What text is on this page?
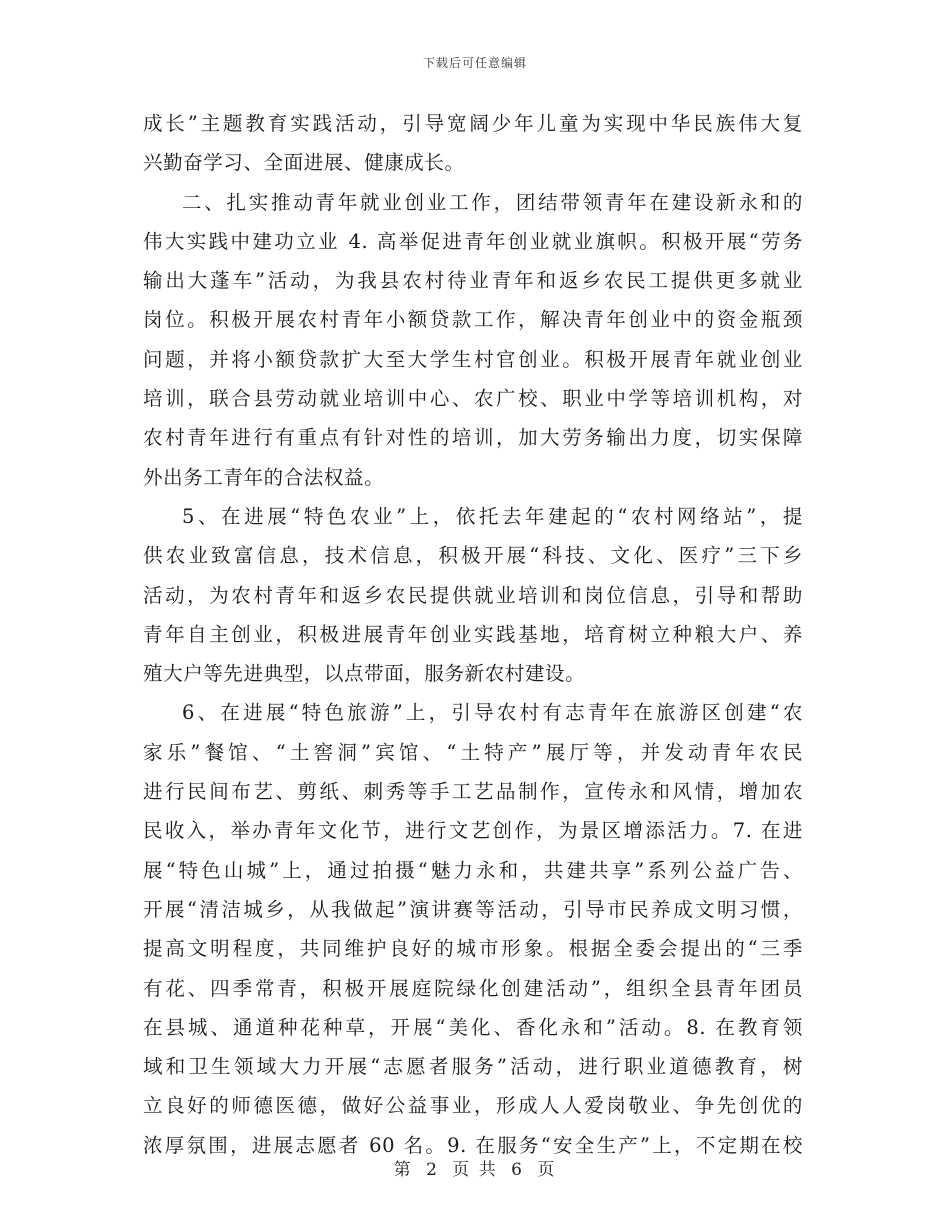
下载后可任意编辑
成长”主题教育实践活动，引导宽阔少年儿童为实现中华民族伟大复
兴勤奋学习、全面进展、健康成长。
二、扎实推动青年就业创业工作，团结带领青年在建设新永和的
伟大实践中建功立业 4. 高举促进青年创业就业旗帜。积极开展“劳务
输出大蓬车”活动，为我县农村待业青年和返乡农民工提供更多就业
岗位。积极开展农村青年小额贷款工作，解决青年创业中的资金瓶颈
问题，并将小额贷款扩大至大学生村官创业。积极开展青年就业创业
培训，联合县劳动就业培训中心、农广校、职业中学等培训机构，对
农村青年进行有重点有针对性的培训，加大劳务输出力度，切实保障
外出务工青年的合法权益。
5、在进展“特色农业”上，依托去年建起的“农村网络站”，提
供农业致富信息，技术信息，积极开展“科技、文化、医疗”三下乡
活动，为农村青年和返乡农民提供就业培训和岗位信息，引导和帮助
青年自主创业，积极进展青年创业实践基地，培育树立种粮大户、养
殖大户等先进典型，以点带面，服务新农村建设。
6、在进展“特色旅游”上，引导农村有志青年在旅游区创建“农
家乐”餐馆、“土窖洞”宾馆、“土特产”展厅等，并发动青年农民
进行民间布艺、剪纸、刺秀等手工艺品制作，宣传永和风情，增加农
民收入，举办青年文化节，进行文艺创作，为景区增添活力。7. 在进
展“特色山城”上，通过拍摄“魅力永和，共建共享”系列公益广告、
开展“清洁城乡，从我做起”演讲赛等活动，引导市民养成文明习惯，
提高文明程度，共同维护良好的城市形象。根据全委会提出的“三季
有花、四季常青，积极开展庭院绿化创建活动”，组织全县青年团员
在县城、通道种花种草，开展“美化、香化永和”活动。8. 在教育领
域和卫生领域大力开展“志愿者服务”活动，进行职业道德教育，树
立良好的师德医德，做好公益事业，形成人人爱岗敬业、争先创优的
浓厚氛围，进展志愿者 60 名。9. 在服务“安全生产”上，不定期在校
第 2 页 共 6 页
